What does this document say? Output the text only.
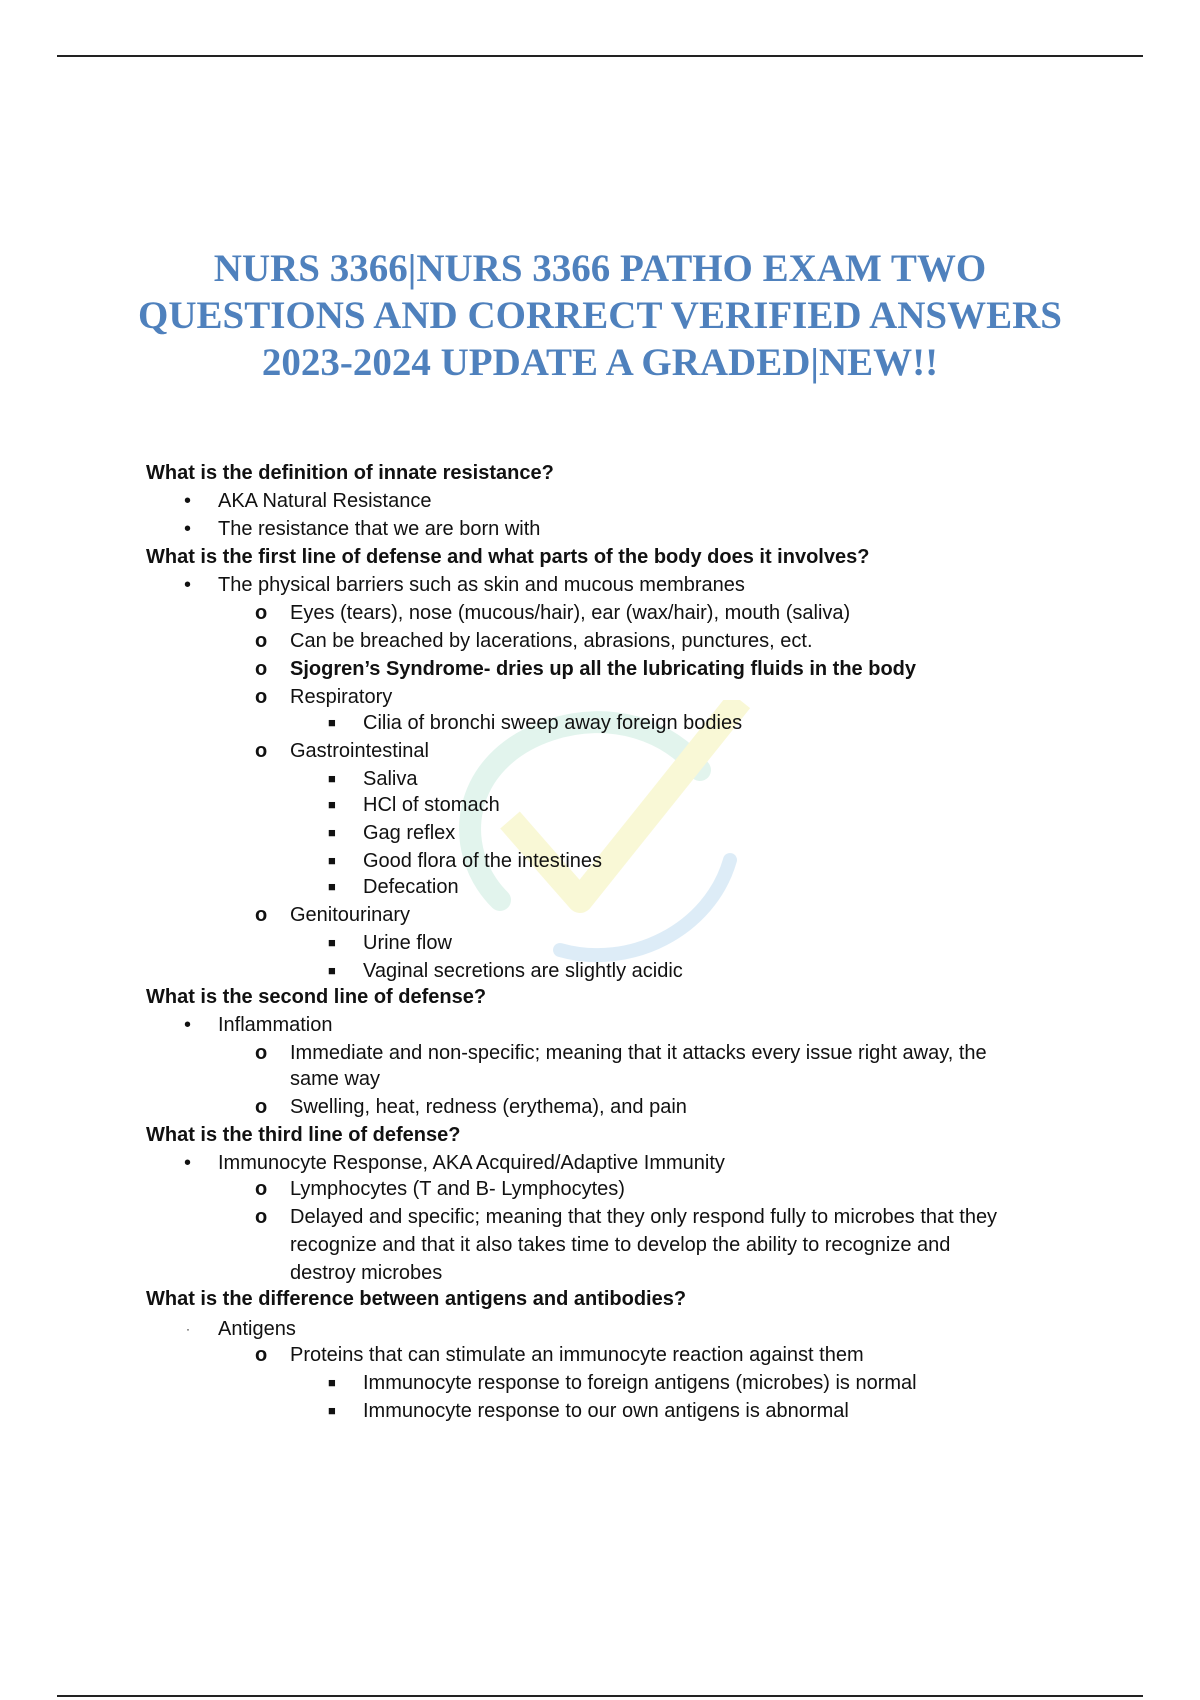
NURS 3366|NURS 3366 PATHO EXAM TWO
QUESTIONS AND CORRECT VERIFIED ANSWERS
2023-2024 UPDATE A GRADED|NEW!!
What is the definition of innate resistance?
• AKA Natural Resistance
• The resistance that we are born with
What is the first line of defense and what parts of the body does it involves?
• The physical barriers such as skin and mucous membranes
o Eyes (tears), nose (mucous/hair), ear (wax/hair), mouth (saliva)
o Can be breached by lacerations, abrasions, punctures, ect.
o Sjogren’s Syndrome- dries up all the lubricating fluids in the body
o Respiratory
■ Cilia of bronchi sweep away foreign bodies
o Gastrointestinal
■ Saliva
■ HCl of stomach
■ Gag reflex
■ Good flora of the intestines
■ Defecation
o Genitourinary
■ Urine flow
■ Vaginal secretions are slightly acidic
What is the second line of defense?
• Inflammation
o Immediate and non-specific; meaning that it attacks every issue right away, the
same way
o Swelling, heat, redness (erythema), and pain
What is the third line of defense?
• Immunocyte Response, AKA Acquired/Adaptive Immunity
o Lymphocytes (T and B- Lymphocytes)
o Delayed and specific; meaning that they only respond fully to microbes that they
recognize and that it also takes time to develop the ability to recognize and
destroy microbes
What is the difference between antigens and antibodies?
· Antigens
o Proteins that can stimulate an immunocyte reaction against them
■ Immunocyte response to foreign antigens (microbes) is normal
■ Immunocyte response to our own antigens is abnormal
